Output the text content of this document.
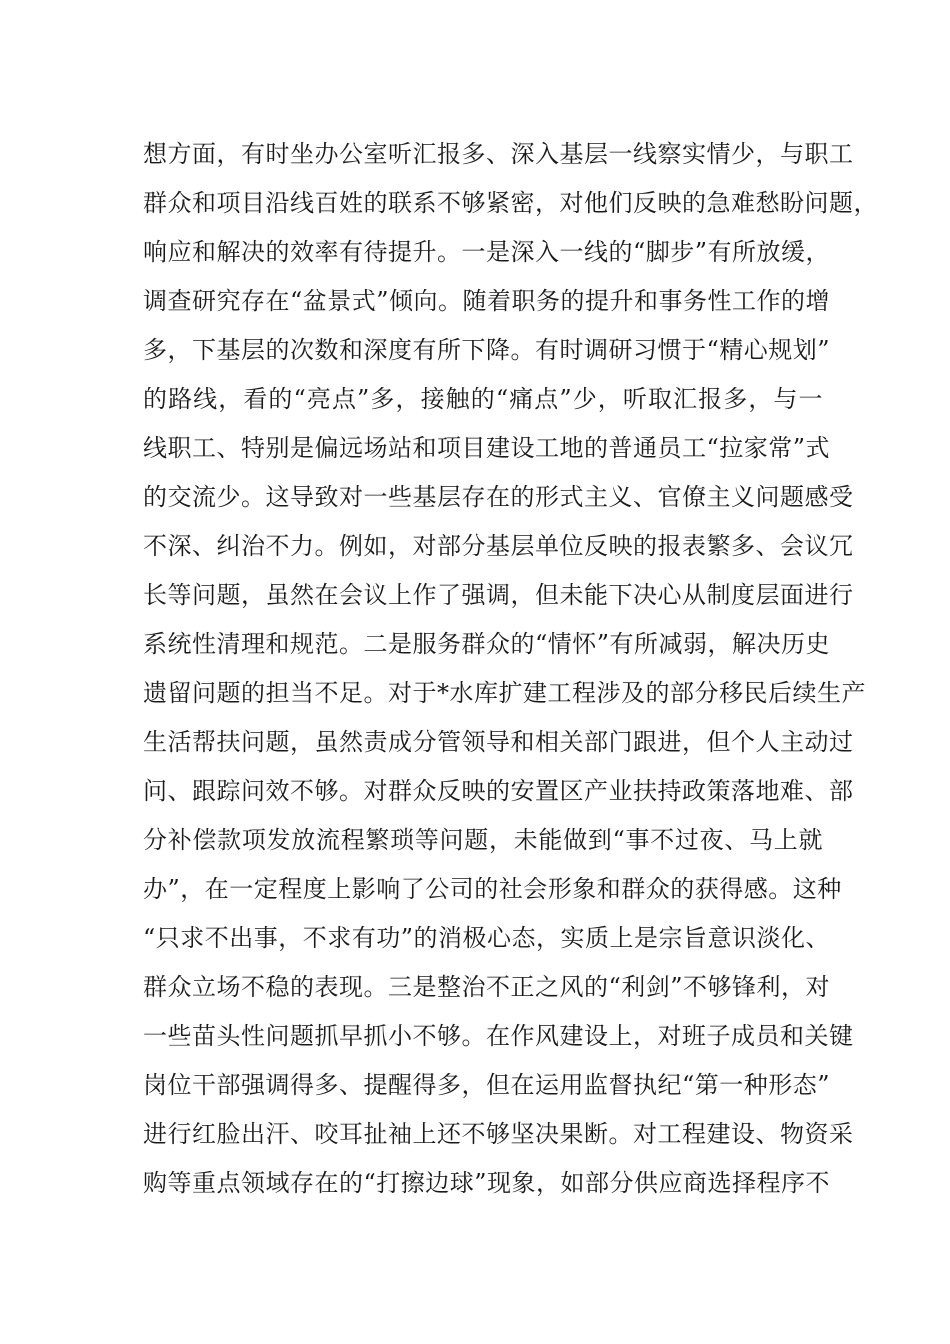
想方面，有时坐办公室听汇报多、深入基层一线察实情少，与职工
群众和项目沿线百姓的联系不够紧密，对他们反映的急难愁盼问题，
响应和解决的效率有待提升。一是深入一线的“脚步”有所放缓，
调查研究存在“盆景式”倾向。随着职务的提升和事务性工作的增
多，下基层的次数和深度有所下降。有时调研习惯于“精心规划”
的路线，看的“亮点”多，接触的“痛点”少，听取汇报多，与一
线职工、特别是偏远场站和项目建设工地的普通员工“拉家常”式
的交流少。这导致对一些基层存在的形式主义、官僚主义问题感受
不深、纠治不力。例如，对部分基层单位反映的报表繁多、会议冗
长等问题，虽然在会议上作了强调，但未能下决心从制度层面进行
系统性清理和规范。二是服务群众的“情怀”有所减弱，解决历史
遗留问题的担当不足。对于*水库扩建工程涉及的部分移民后续生产
生活帮扶问题，虽然责成分管领导和相关部门跟进，但个人主动过
问、跟踪问效不够。对群众反映的安置区产业扶持政策落地难、部
分补偿款项发放流程繁琐等问题，未能做到“事不过夜、马上就
办”，在一定程度上影响了公司的社会形象和群众的获得感。这种
“只求不出事，不求有功”的消极心态，实质上是宗旨意识淡化、
群众立场不稳的表现。三是整治不正之风的“利剑”不够锋利，对
一些苗头性问题抓早抓小不够。在作风建设上，对班子成员和关键
岗位干部强调得多、提醒得多，但在运用监督执纪“第一种形态”
进行红脸出汗、咬耳扯袖上还不够坚决果断。对工程建设、物资采
购等重点领域存在的“打擦边球”现象，如部分供应商选择程序不
